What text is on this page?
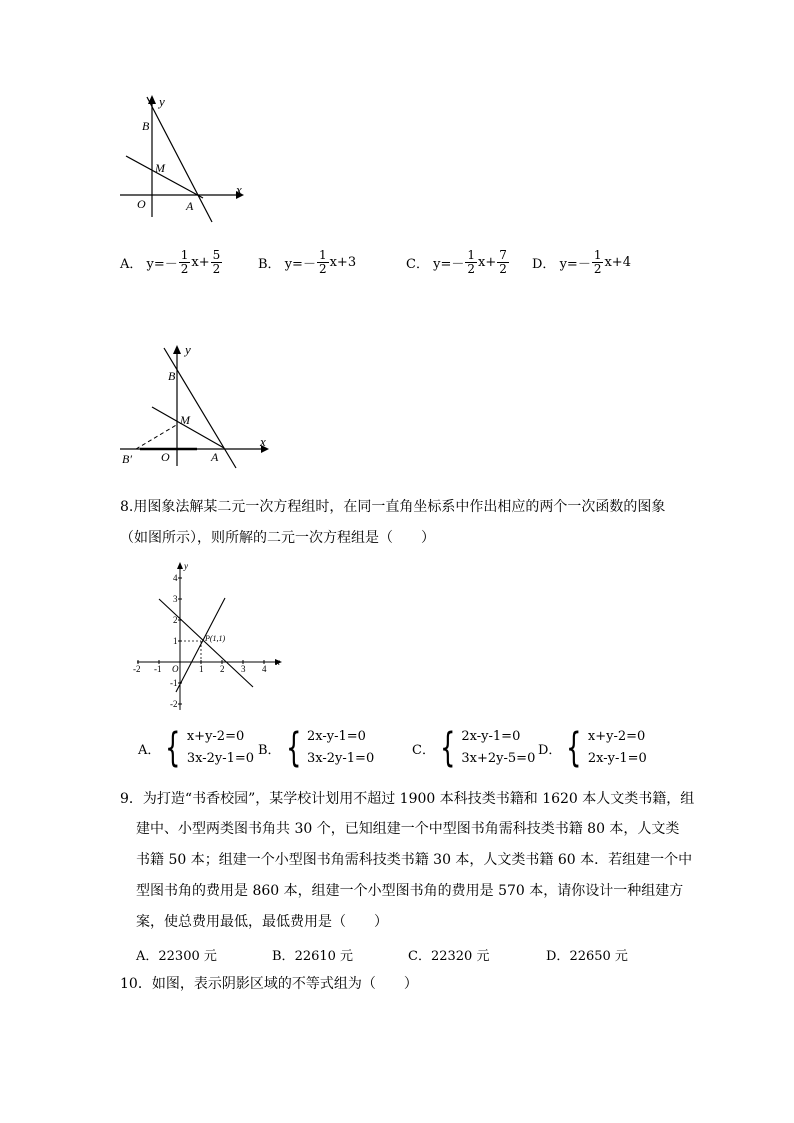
y
x
B
M
O	A
A．
$y=- \frac{1}{2} x+ \frac{5}{2}$	B．
$y=- \frac{1}{2} x+3$	C．
$y=- \frac{1}{2} x+ \frac{7}{2}$ D．
$y=- \frac{1}{2} x+4$
y
x
B
M
O	A
B′
8.用图象法解某二元一次方程组时，在同一直角坐标系中作出相应的两个一次函数的图象
（如图所示），则所解的二元一次方程组是（　　）
P(1,1)
-2 -1 O 1 2 3 4
4
3
2
1
-1
-2
x
y
A． { x+y-2=0
3x-2y-1=0
B． { 2x-y-1=0
3x-2y-1=0
C． { 2x-y-1=0
3x+2y-5=0
D． { x+y-2=0
2x-y-1=0
9．为打造“书香校园”，某学校计划用不超过 1900 本科技类书籍和 1620 本人文类书籍，组
建中、小型两类图书角共 30 个，已知组建一个中型图书角需科技类书籍 80 本，人文类
书籍 50 本；组建一个小型图书角需科技类书籍 30 本，人文类书籍 60 本．若组建一个中
型图书角的费用是 860 本，组建一个小型图书角的费用是 570 本，请你设计一种组建方
案，使总费用最低，最低费用是（　　）
A． 22300 元	B． 22610 元	C． 22320 元	D． 22650 元
10．如图，表示阴影区域的不等式组为（　　）
